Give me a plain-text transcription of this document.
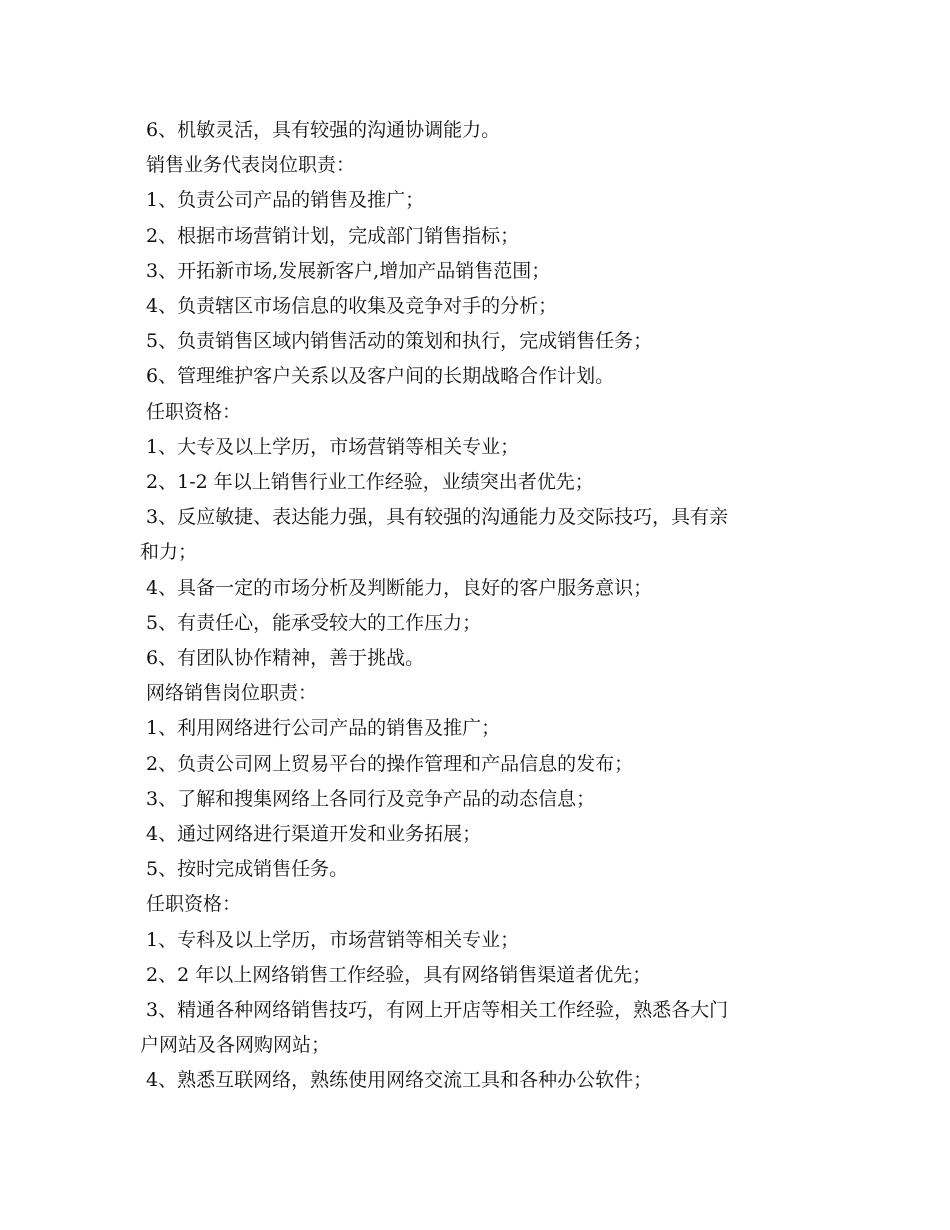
6、机敏灵活，具有较强的沟通协调能力。

销售业务代表岗位职责：

1、负责公司产品的销售及推广；

2、根据市场营销计划，完成部门销售指标；

3、开拓新市场,发展新客户,增加产品销售范围；

4、负责辖区市场信息的收集及竞争对手的分析；

5、负责销售区域内销售活动的策划和执行，完成销售任务；

6、管理维护客户关系以及客户间的长期战略合作计划。

任职资格：

1、大专及以上学历，市场营销等相关专业；

2、1-2 年以上销售行业工作经验，业绩突出者优先；

3、反应敏捷、表达能力强，具有较强的沟通能力及交际技巧，具有亲

和力；

4、具备一定的市场分析及判断能力，良好的客户服务意识；

5、有责任心，能承受较大的工作压力；

6、有团队协作精神，善于挑战。

网络销售岗位职责：

1、利用网络进行公司产品的销售及推广；

2、负责公司网上贸易平台的操作管理和产品信息的发布；

3、了解和搜集网络上各同行及竞争产品的动态信息；

4、通过网络进行渠道开发和业务拓展；

5、按时完成销售任务。

任职资格：

1、专科及以上学历，市场营销等相关专业；

2、2 年以上网络销售工作经验，具有网络销售渠道者优先；

3、精通各种网络销售技巧，有网上开店等相关工作经验，熟悉各大门

户网站及各网购网站；

4、熟悉互联网络，熟练使用网络交流工具和各种办公软件；
